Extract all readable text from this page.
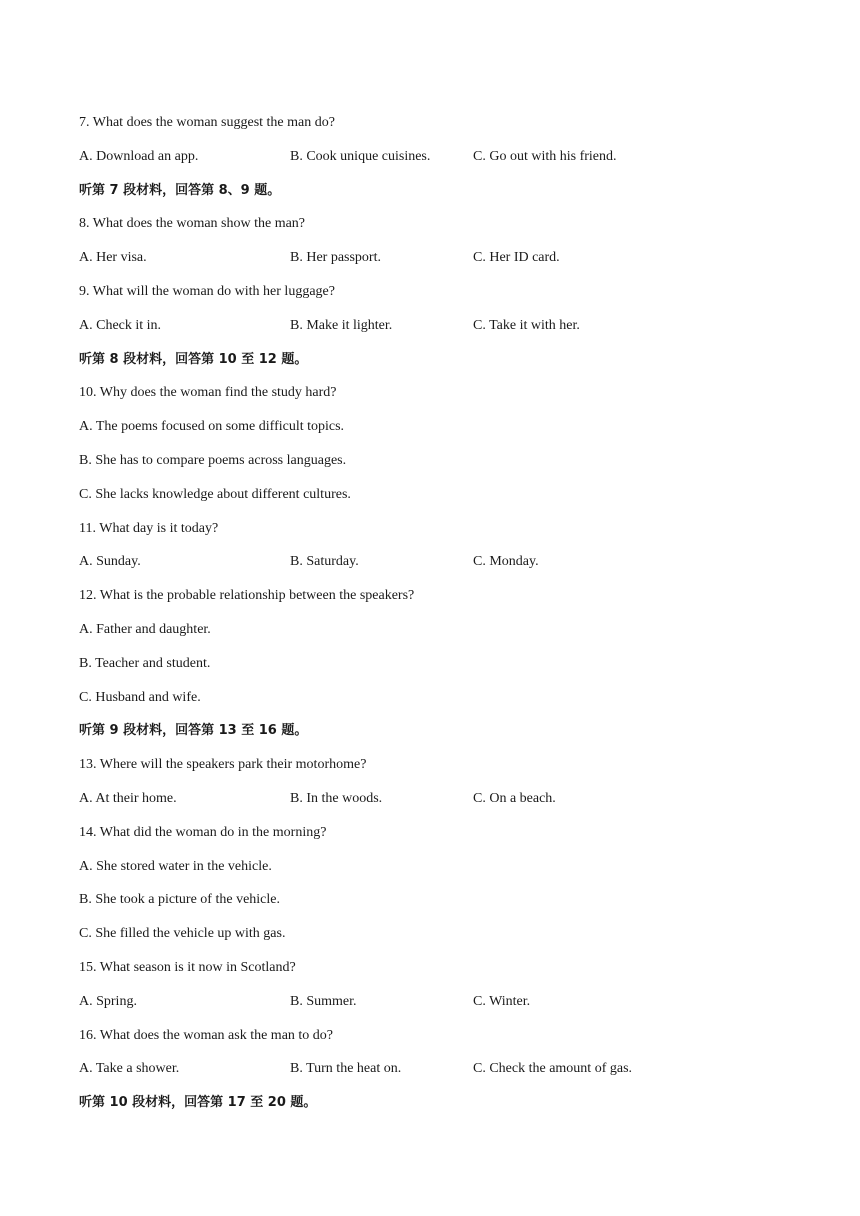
7. What does the woman suggest the man do?
A. Download an app.	B. Cook unique cuisines.	C. Go out with his friend.
听第 7 段材料，回答第 8、9 题。
8. What does the woman show the man?
A. Her visa.	B. Her passport.	C. Her ID card.
9. What will the woman do with her luggage?
A. Check it in.	B. Make it lighter.	C. Take it with her.
听第 8 段材料，回答第 10 至 12 题。
10. Why does the woman find the study hard?
A. The poems focused on some difficult topics.
B. She has to compare poems across languages.
C. She lacks knowledge about different cultures.
11. What day is it today?
A. Sunday.	B. Saturday.	C. Monday.
12. What is the probable relationship between the speakers?
A. Father and daughter.
B. Teacher and student.
C. Husband and wife.
听第 9 段材料，回答第 13 至 16 题。
13. Where will the speakers park their motorhome?
A. At their home.	B. In the woods.	C. On a beach.
14. What did the woman do in the morning?
A. She stored water in the vehicle.
B. She took a picture of the vehicle.
C. She filled the vehicle up with gas.
15. What season is it now in Scotland?
A. Spring.	B. Summer.	C. Winter.
16. What does the woman ask the man to do?
A. Take a shower.	B. Turn the heat on.	C. Check the amount of gas.
听第 10 段材料，回答第 17 至 20 题。
